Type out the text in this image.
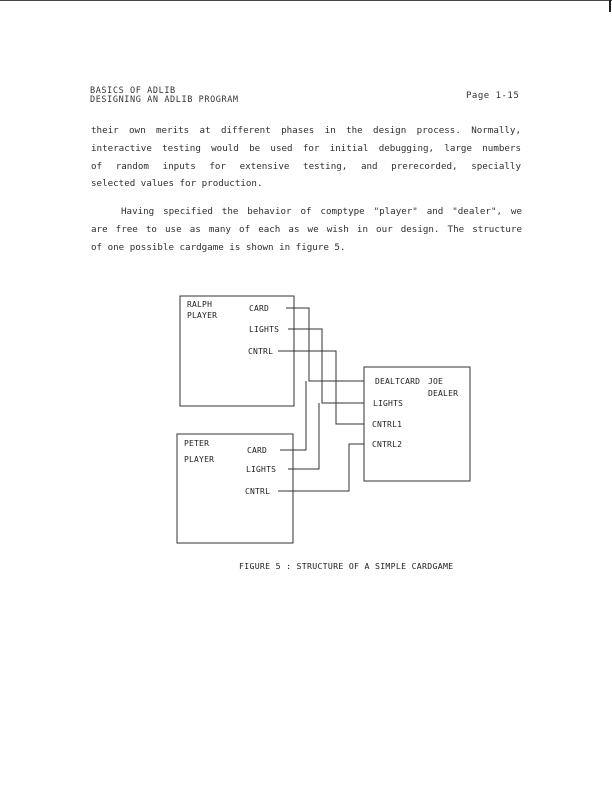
BASICS OF ADLIB
DESIGNING AN ADLIB PROGRAM	Page 1-15
their own merits at different phases in the design process. Normally,
interactive testing would be used for initial debugging, large numbers
of random inputs for extensive testing, and prerecorded, specially
selected values for production.
Having specified the behavior of comptype "player" and "dealer", we
are free to use as many of each as we wish in our design. The structure
of one possible cardgame is shown in figure 5.
RALPH
PLAYER
CARD
LIGHTS
CNTRL
PETER
PLAYER
CARD
LIGHTS
CNTRL
DEALTCARD JOE
DEALER
LIGHTS
CNTRL1
CNTRL2
FIGURE 5 : STRUCTURE OF A SIMPLE CARDGAME
